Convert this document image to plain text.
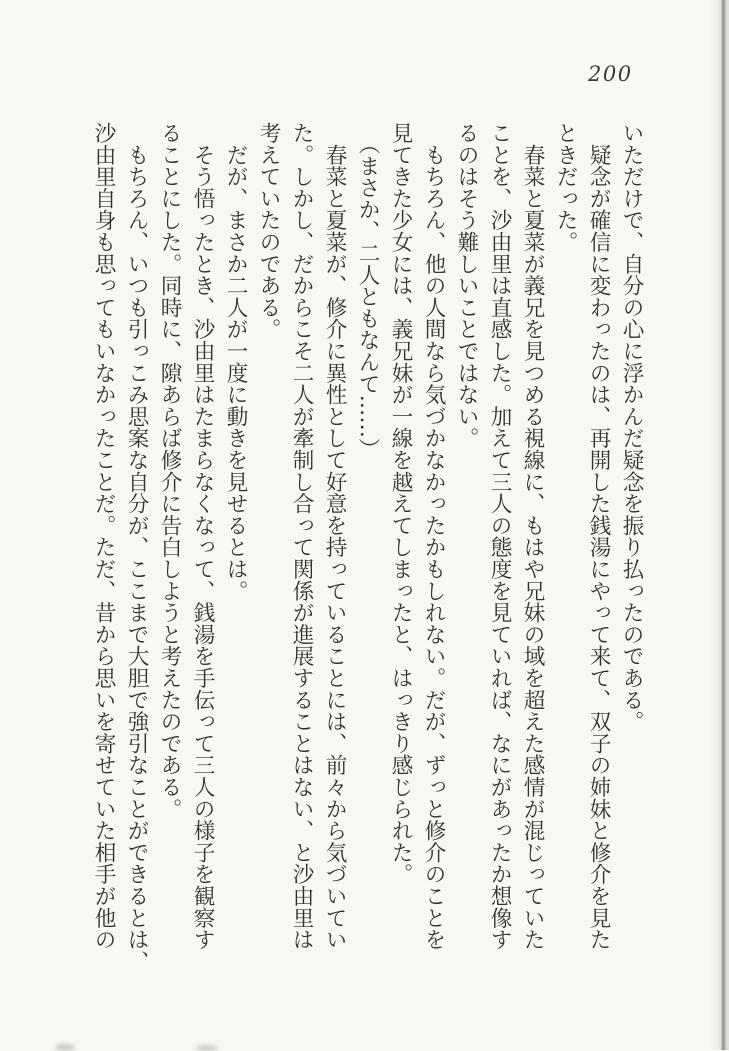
200
いただけで、自分の心に浮かんだ疑念を振り払ったのである。
　疑念が確信に変わったのは、再開した銭湯にやって来て、双子の姉妹と修介を見た
ときだった。
　春菜と夏菜が義兄を見つめる視線に、もはや兄妹の域を超えた感情が混じっていた
ことを、沙由里は直感した。加えて三人の態度を見ていれば、なにがあったか想像す
るのはそう難しいことではない。
　もちろん、他の人間なら気づかなかったかもしれない。だが、ずっと修介のことを
見てきた少女には、義兄妹が一線を越えてしまったと、はっきり感じられた。
　（まさか、二人ともなんて……）
　春菜と夏菜が、修介に異性として好意を持っていることには、前々から気づいてい
た。しかし、だからこそ二人が牽制し合って関係が進展することはない、と沙由里は
考えていたのである。
　だが、まさか二人が一度に動きを見せるとは。
　そう悟ったとき、沙由里はたまらなくなって、銭湯を手伝って三人の様子を観察す
ることにした。同時に、隙あらば修介に告白しようと考えたのである。
　もちろん、いつも引っこみ思案な自分が、ここまで大胆で強引なことができるとは、
沙由里自身も思ってもいなかったことだ。ただ、昔から思いを寄せていた相手が他の
